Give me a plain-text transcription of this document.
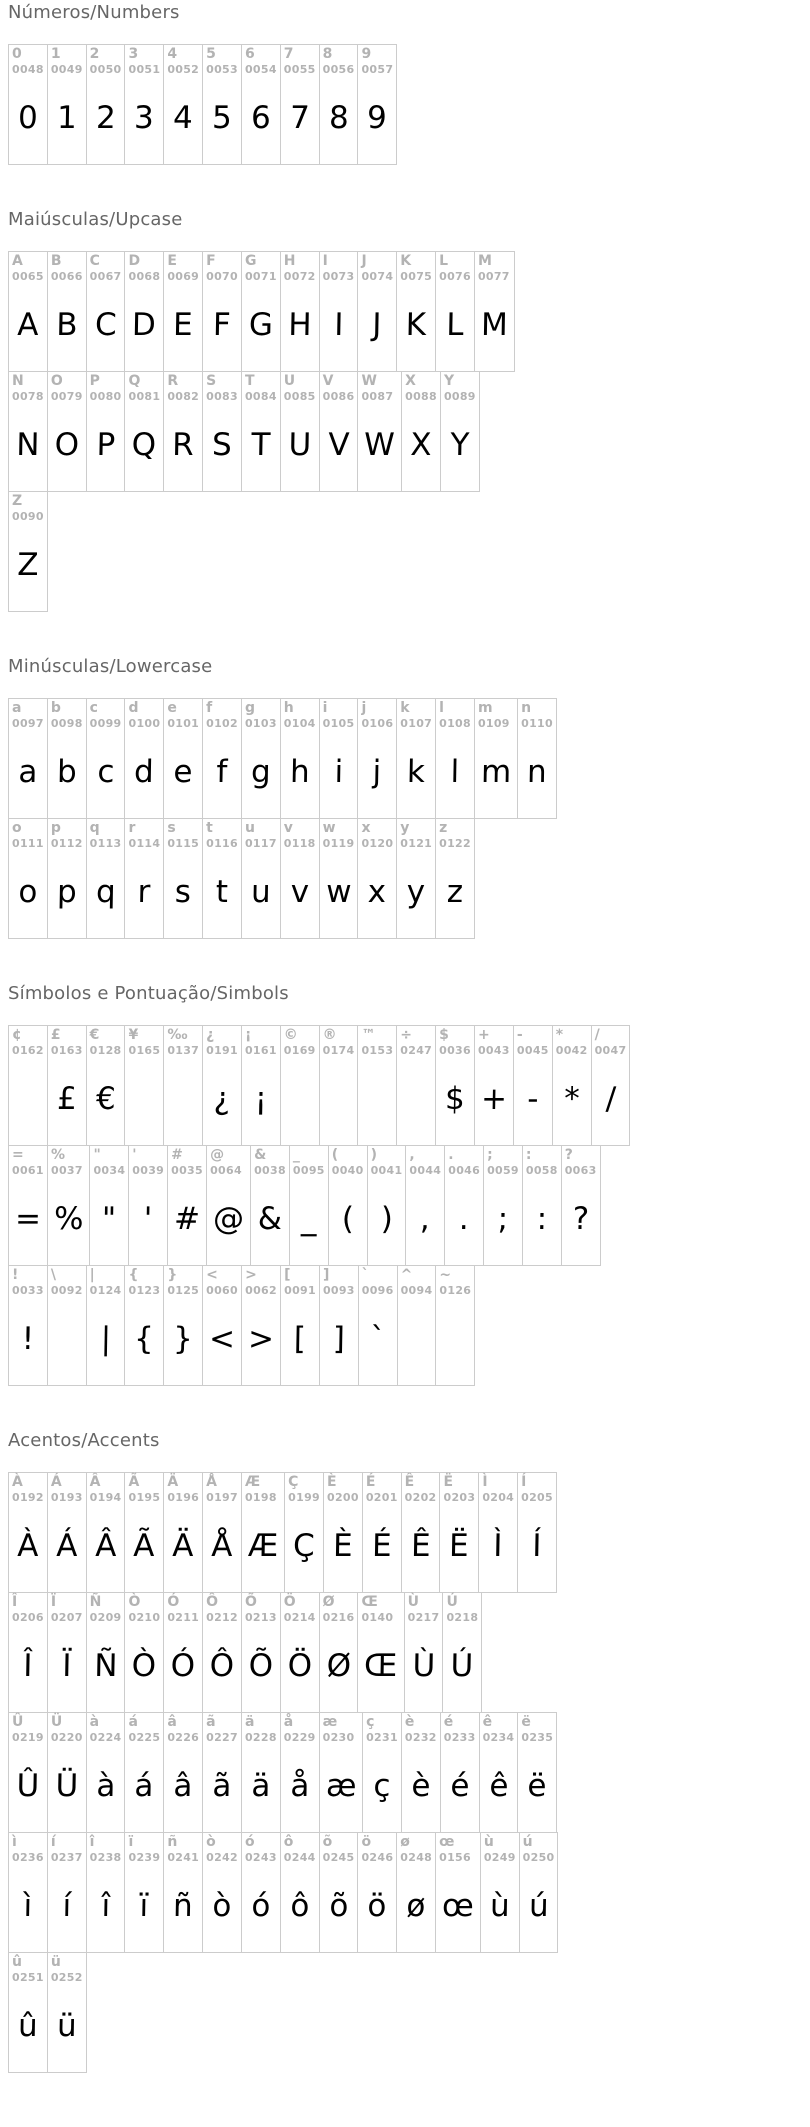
Números/Numbers
0
0048
0
1
0049
1
2
0050
2
3
0051
3
4
0052
4
5
0053
5
6
0054
6
7
0055
7
8
0056
8
9
0057
9
Maiúsculas/Upcase
A
0065
A
B
0066
B
C
0067
C
D
0068
D
E
0069
E
F
0070
F
G
0071
G
H
0072
H
I
0073
I
J
0074
J
K
0075
K
L
0076
L
M
0077
M
N
0078
N
O
0079
O
P
0080
P
Q
0081
Q
R
0082
R
S
0083
S
T
0084
T
U
0085
U
V
0086
V
W
0087
W
X
0088
X
Y
0089
Y
Z
0090
Z
Minúsculas/Lowercase
a
0097
a
b
0098
b
c
0099
c
d
0100
d
e
0101
e
f
0102
f
g
0103
g
h
0104
h
i
0105
i
j
0106
j
k
0107
k
l
0108
l
m
0109
m
n
0110
n
o
0111
o
p
0112
p
q
0113
q
r
0114
r
s
0115
s
t
0116
t
u
0117
u
v
0118
v
w
0119
w
x
0120
x
y
0121
y
z
0122
z
Símbolos e Pontuação/Simbols
¢
0162
£
0163
£
€
0128
€
¥
0165
‰
0137
¿
0191
¿
¡
0161
¡
©
0169
®
0174
™
0153
÷
0247
$
0036
$
+
0043
+
-
0045
-
*
0042
*
/
0047
/
=
0061
=
%
0037
%
"
0034
"
'
0039
'
#
0035
#
@
0064
@
&
0038
&
_
0095
_
(
0040
(
)
0041
)
,
0044
,
.
0046
.
;
0059
;
:
0058
:
?
0063
?
!
0033
!
\
0092
|
0124
|
{
0123
{
}
0125
}
<
0060
<
>
0062
>
[
0091
[
]
0093
]
`
0096
`
^
0094
~
0126
Acentos/Accents
À
0192
À
Á
0193
Á
Â
0194
Â
Ã
0195
Ã
Ä
0196
Ä
Å
0197
Å
Æ
0198
Æ
Ç
0199
Ç
È
0200
È
É
0201
É
Ê
0202
Ê
Ë
0203
Ë
Ì
0204
Ì
Í
0205
Í
Î
0206
Î
Ï
0207
Ï
Ñ
0209
Ñ
Ò
0210
Ò
Ó
0211
Ó
Ô
0212
Ô
Õ
0213
Õ
Ö
0214
Ö
Ø
0216
Ø
Œ
0140
Œ
Ù
0217
Ù
Ú
0218
Ú
Û
0219
Û
Ü
0220
Ü
à
0224
à
á
0225
á
â
0226
â
ã
0227
ã
ä
0228
ä
å
0229
å
æ
0230
æ
ç
0231
ç
è
0232
è
é
0233
é
ê
0234
ê
ë
0235
ë
ì
0236
ì
í
0237
í
î
0238
î
ï
0239
ï
ñ
0241
ñ
ò
0242
ò
ó
0243
ó
ô
0244
ô
õ
0245
õ
ö
0246
ö
ø
0248
ø
œ
0156
œ
ù
0249
ù
ú
0250
ú
û
0251
û
ü
0252
ü
